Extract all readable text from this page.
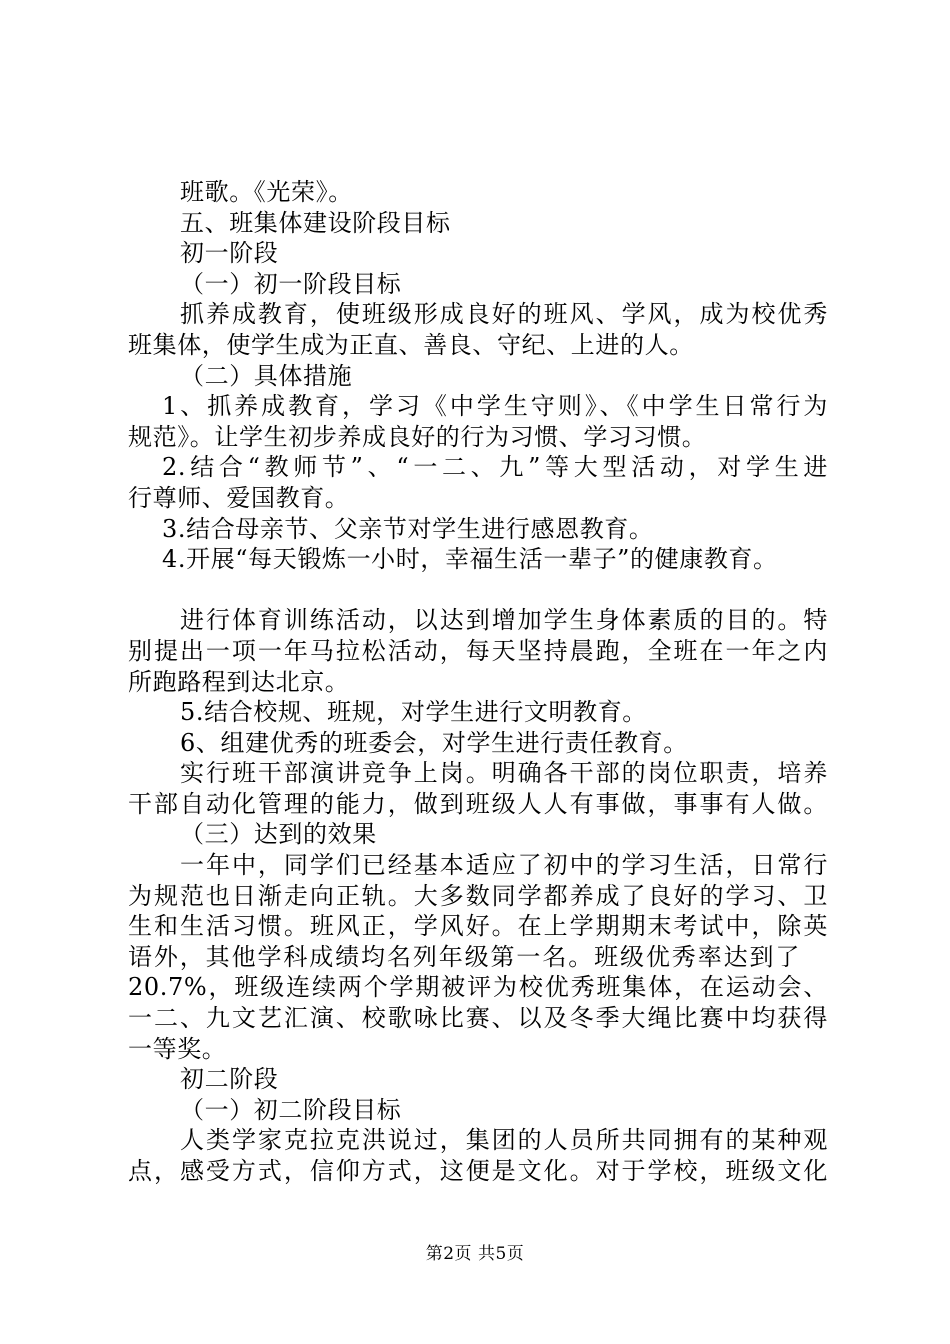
班歌。《光荣》。
五、班集体建设阶段目标
初一阶段
（一）初一阶段目标
抓养成教育，使班级形成良好的班风、学风，成为校优秀
班集体，使学生成为正直、善良、守纪、上进的人。
（二）具体措施
1、抓养成教育，学习《中学生守则》、《中学生日常行为
规范》。让学生初步养成良好的行为习惯、学习习惯。
2.结合“教师节”、“一二、九”等大型活动，对学生进
行尊师、爱国教育。
3.结合母亲节、父亲节对学生进行感恩教育。
4.开展“每天锻炼一小时，幸福生活一辈子”的健康教育。
进行体育训练活动，以达到增加学生身体素质的目的。特
别提出一项一年马拉松活动，每天坚持晨跑，全班在一年之内
所跑路程到达北京。
5.结合校规、班规，对学生进行文明教育。
6、组建优秀的班委会，对学生进行责任教育。
实行班干部演讲竞争上岗。明确各干部的岗位职责，培养
干部自动化管理的能力，做到班级人人有事做，事事有人做。
（三）达到的效果
一年中，同学们已经基本适应了初中的学习生活，日常行
为规范也日渐走向正轨。大多数同学都养成了良好的学习、卫
生和生活习惯。班风正，学风好。在上学期期末考试中，除英
语外，其他学科成绩均名列年级第一名。班级优秀率达到了
20.7%，班级连续两个学期被评为校优秀班集体，在运动会、
一二、九文艺汇演、校歌咏比赛、以及冬季大绳比赛中均获得
一等奖。
初二阶段
（一）初二阶段目标
人类学家克拉克洪说过，集团的人员所共同拥有的某种观
点，感受方式，信仰方式，这便是文化。对于学校，班级文化
第2页 共5页
